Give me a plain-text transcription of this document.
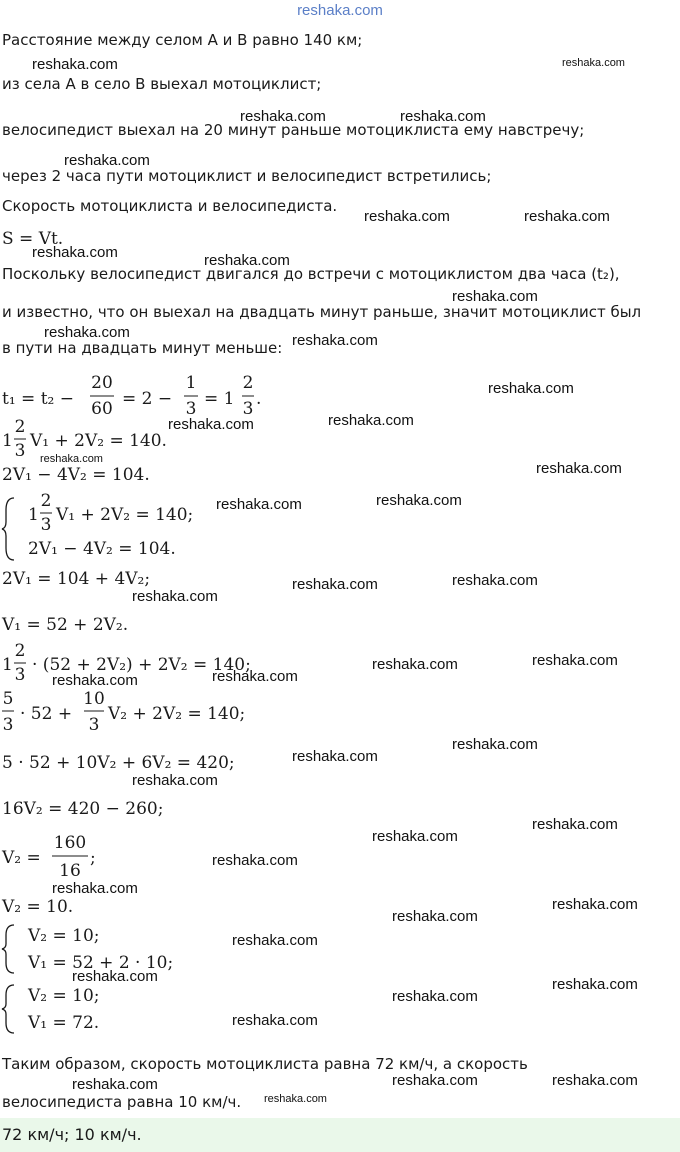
reshaka.com
Расстояние между селом A и B равно 140 км;
из села A в село B выехал мотоциклист;
велосипедист выехал на 20 минут раньше мотоциклиста ему навстречу;
через 2 часа пути мотоциклист и велосипедист встретились;
Скорость мотоциклиста и велосипедиста.
S = Vt.
Поскольку велосипедист двигался до встречи с мотоциклистом два часа (t₂),
и известно, что он выехал на двадцать минут раньше, значит мотоциклист был
в пути на двадцать минут меньше:
t₁ = t₂ −
20
60 = 2 −
1
3 = 1
2
3 .
1
2
3 V₁ + 2V₂ = 140.
2V₁ − 4V₂ = 104.
1
2
3 V₁ + 2V₂ = 140;
2V₁ − 4V₂ = 104.
2V₁ = 104 + 4V₂;
V₁ = 52 + 2V₂.
1
2
3 · (52 + 2V₂) + 2V₂ = 140;
5
3
· 52 +
10
3
V₂ + 2V₂ = 140;
5 · 52 + 10V₂ + 6V₂ = 420;
16V₂ = 420 − 260;
V₂ =
160
16
;
V₂ = 10.
V₂ = 10;
V₁ = 52 + 2 · 10;
V₂ = 10;
V₁ = 72.
Таким образом, скорость мотоциклиста равна 72 км/ч, а скорость
велосипедиста равна 10 км/ч.
72 км/ч; 10 км/ч.
reshaka.com	reshaka.com
reshaka.com	reshaka.com
reshaka.com
reshaka.com	reshaka.com
reshaka.com	reshaka.com
reshaka.com
reshaka.com	reshaka.com
reshaka.com
reshaka.com	reshaka.com
reshaka.com
reshaka.com
reshaka.com	reshaka.com
reshaka.com	reshaka.com
reshaka.com
reshaka.com	reshaka.com
reshaka.com	reshaka.com
reshaka.com
reshaka.com
reshaka.com
reshaka.com
reshaka.com
reshaka.com
reshaka.com
reshaka.com
reshaka.com
reshaka.com
reshaka.com	reshaka.com
reshaka.com
reshaka.com
reshaka.com	reshaka.com	reshaka.com
reshaka.com
